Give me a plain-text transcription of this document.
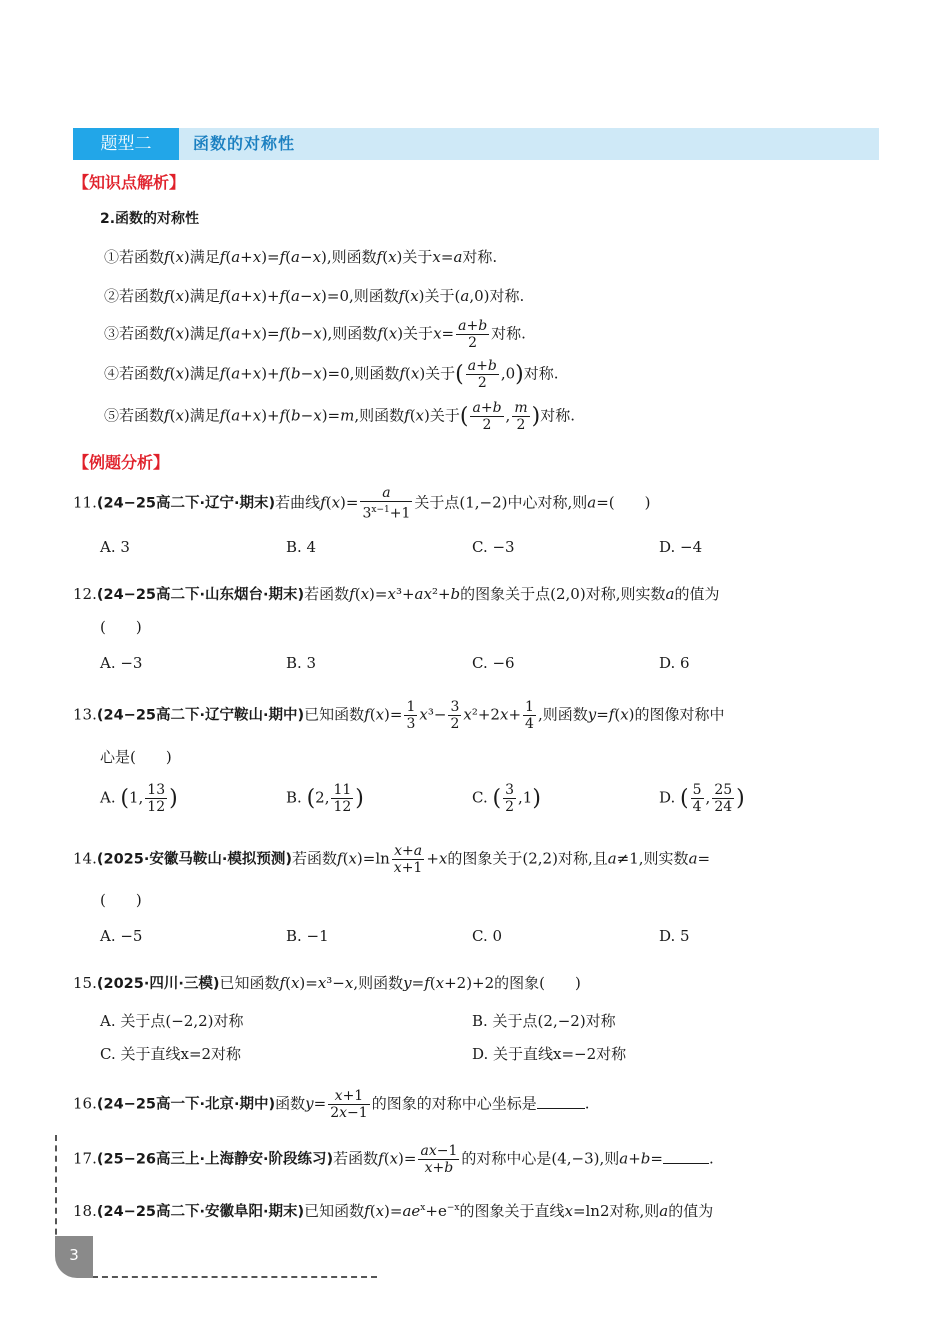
题型二	函数的对称性
【知识点解析】
2.函数的对称性
①若函数f(x)满足f(a+x)=f(a−x),则函数f(x)关于x=a对称.
②若函数f(x)满足f(a+x)+f(a−x)=0,则函数f(x)关于(a,0)对称.
③若函数f(x)满足f(a+x)=f(b−x),则函数f(x)关于$x= \frac{a+b}{2}$ 对称.
④若函数f(x)满足f(a+x)+f(b−x)=0,则函数f(x)关于( $\frac{a+b}{2} ,0$)对称.
⑤若函数f(x)满足f(a+x)+f(b−x)=m,则函数f(x)关于( $\frac{a+b}{2}$ , $\frac{m}{2}$ )对称.
【例题分析】
11.(24−25高二下·辽宁·期末)若曲线$f(x)= \frac{a}{3^{x-1}+1}$ 关于点(1,−2)中心对称,则a=(　　)
A. 3	B. 4	C. −3	D. −4
12.(24−25高二下·山东烟台·期末)若函数f(x)=x³+ax²+b的图象关于点(2,0)对称,则实数a的值为
(　　)
A. −3	B. 3	C. −6	D. 6
13.(24−25高二下·辽宁鞍山·期中)已知函数$f(x)= \frac{1}{3} x^3- \frac{3}{2} x^2+2x+ \frac{1}{4}$ ,则函数y=f(x)的图像对称中
心是(　　)
A. (1, $\frac{13}{12}$ )	B. (2, $\frac{11}{12}$ )	C. ( $\frac{3}{2} ,1$)	D. ( $\frac{5}{4}$ , $\frac{25}{24}$ )
14.(2025·安徽马鞍山·模拟预测)若函数$f(x)=\ln \frac{x+a}{x+1} +x$的图象关于(2,2)对称,且a≠1,则实数a=
(　　)
A. −5	B. −1	C. 0	D. 5
15.(2025·四川·三模)已知函数f(x)=x³−x,则函数y=f(x+2)+2的图象(　　)
A. 关于点(−2,2)对称	B. 关于点(2,−2)对称
C. 关于直线x=2对称	D. 关于直线x=−2对称
16.(24−25高一下·北京·期中)函数$y= \frac{x+1}{2x-1}$ 的图象的对称中心坐标是	.
17.(25−26高三上·上海静安·阶段练习)若函数$f(x)= \frac{ax-1}{x+b}$ 的对称中心是(4,−3),则a+b=	.
18.(24−25高二下·安徽阜阳·期末)已知函数$f(x)=ae^x+e^{-x}$的图象关于直线x=ln2对称,则a的值为
3
